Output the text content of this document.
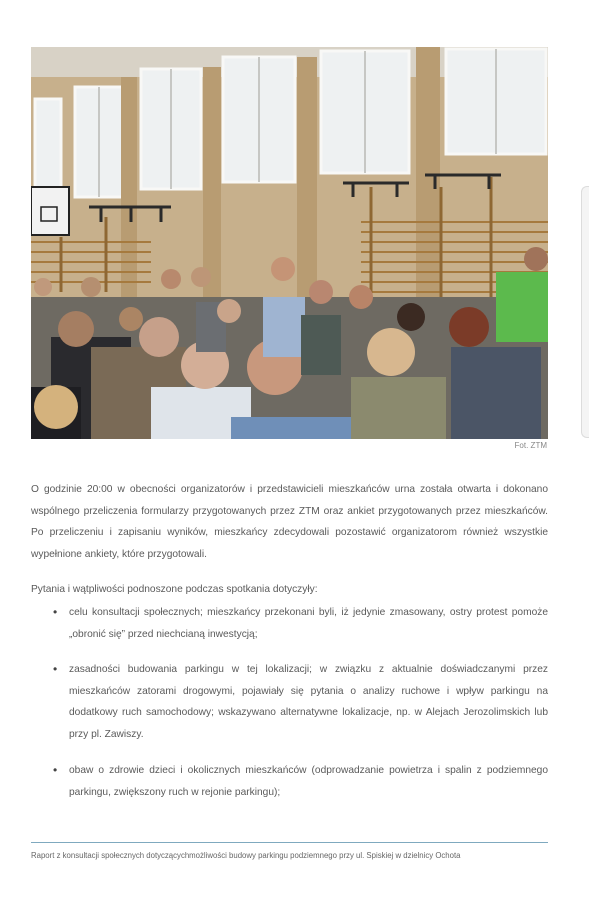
Fot. ZTM

O godzinie 20:00 w obecności organizatorów i przedstawicieli mieszkańców urna została otwarta i dokonano wspólnego przeliczenia formularzy przygotowanych przez ZTM oraz ankiet przygotowanych przez mieszkańców. Po przeliczeniu i zapisaniu wyników, mieszkańcy zdecydowali pozostawić organizatorom również wszystkie wypełnione ankiety, które przygotowali.

Pytania i wątpliwości podnoszone podczas spotkania dotyczyły:

• celu konsultacji społecznych; mieszkańcy przekonani byli, iż jedynie zmasowany, ostry protest pomoże „obronić się” przed niechcianą inwestycją;
• zasadności budowania parkingu w tej lokalizacji; w związku z aktualnie doświadczanymi przez mieszkańców zatorami drogowymi, pojawiały się pytania o analizy ruchowe i wpływ parkingu na dodatkowy ruch samochodowy; wskazywano alternatywne lokalizacje, np. w Alejach Jerozolimskich lub przy pl. Zawiszy.
• obaw o zdrowie dzieci i okolicznych mieszkańców (odprowadzanie powietrza i spalin z podziemnego parkingu, zwiększony ruch w rejonie parkingu);
Raport z konsultacji społecznych dotyczącychmożliwości budowy parkingu podziemnego przy ul. Spiskiej w dzielnicy Ochota
